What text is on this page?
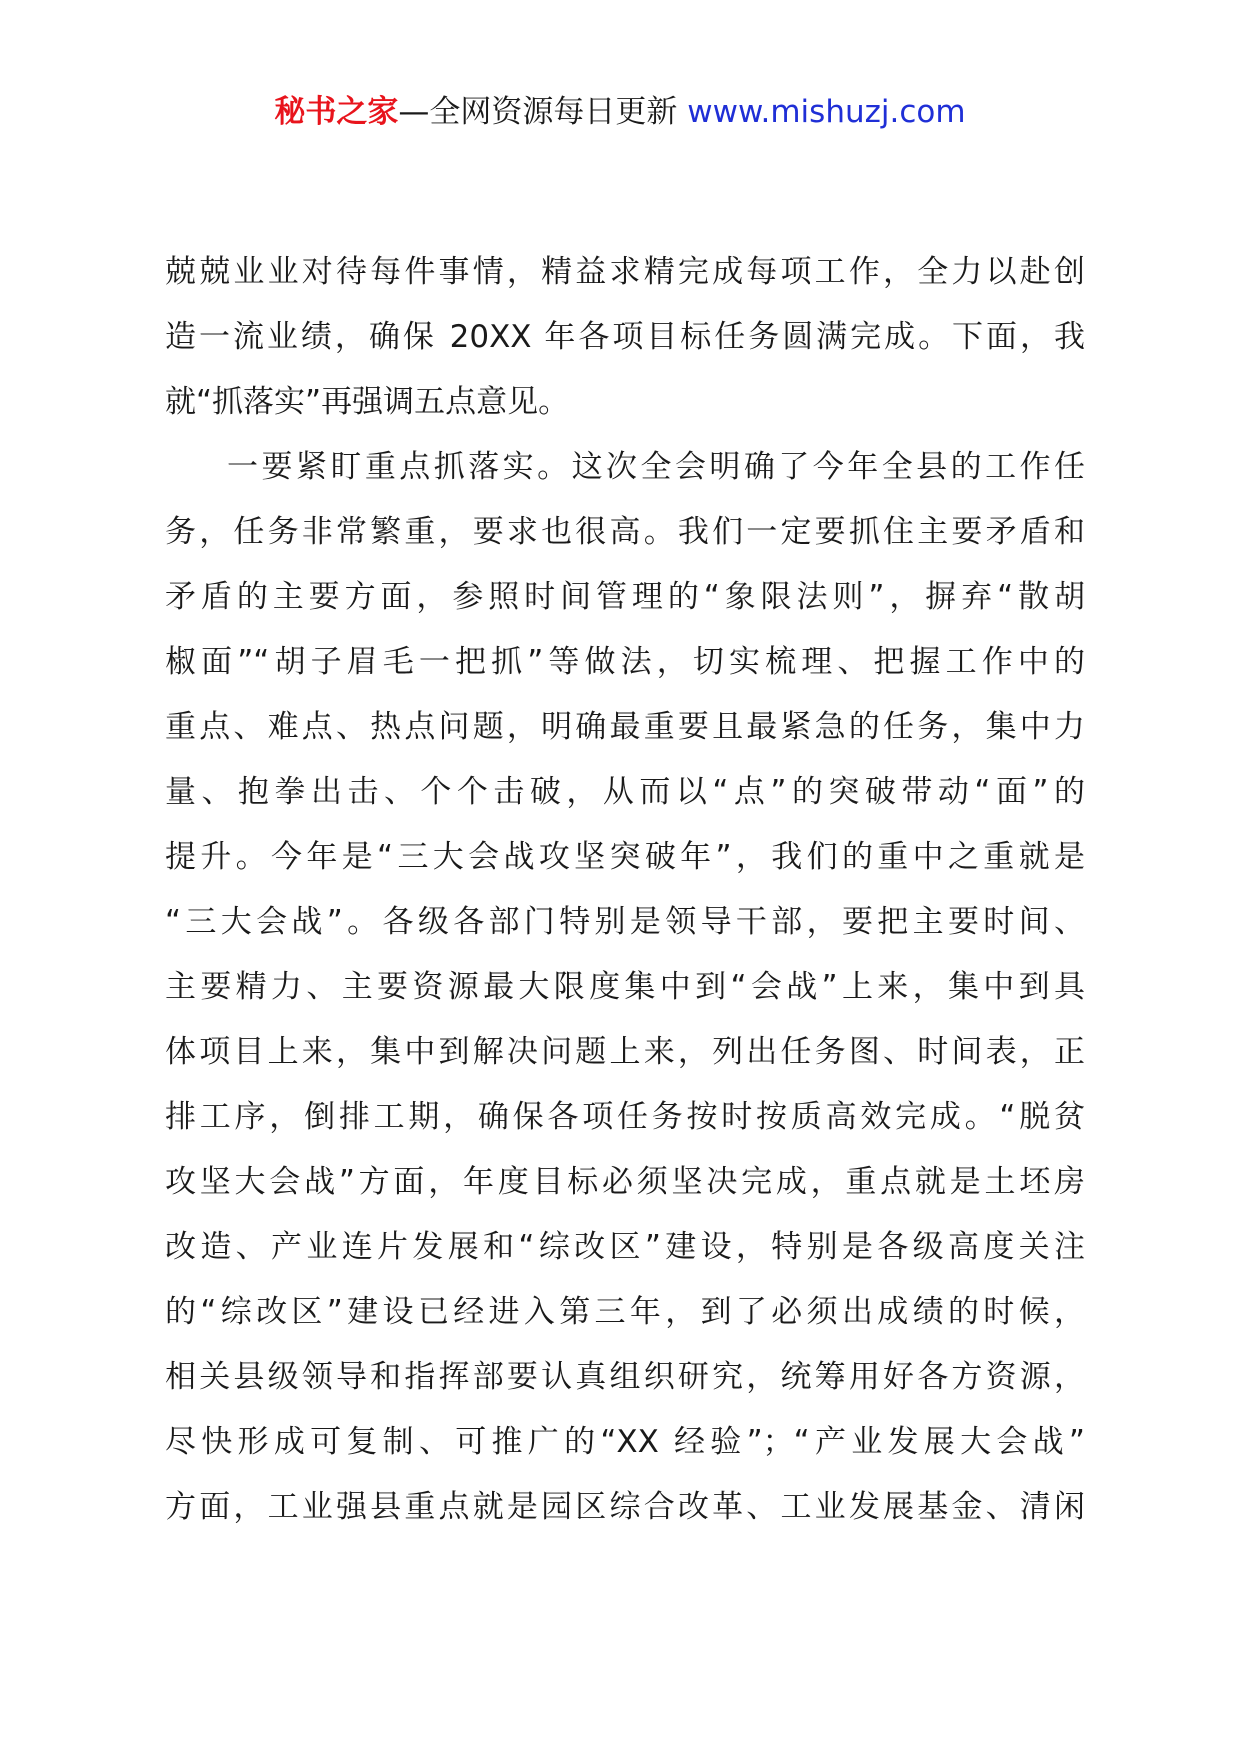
秘书之家—全网资源每日更新 www.mishuzj.com
兢兢业业对待每件事情，精益求精完成每项工作，全力以赴创
造一流业绩，确保 20XX 年各项目标任务圆满完成。下面，我
就“抓落实”再强调五点意见。
一要紧盯重点抓落实。这次全会明确了今年全县的工作任
务，任务非常繁重，要求也很高。我们一定要抓住主要矛盾和
矛盾的主要方面，参照时间管理的“象限法则”，摒弃“散胡
椒面”“胡子眉毛一把抓”等做法，切实梳理、把握工作中的
重点、难点、热点问题，明确最重要且最紧急的任务，集中力
量、抱拳出击、个个击破，从而以“点”的突破带动“面”的
提升。今年是“三大会战攻坚突破年”，我们的重中之重就是
“三大会战”。各级各部门特别是领导干部，要把主要时间、
主要精力、主要资源最大限度集中到“会战”上来，集中到具
体项目上来，集中到解决问题上来，列出任务图、时间表，正
排工序，倒排工期，确保各项任务按时按质高效完成。“脱贫
攻坚大会战”方面，年度目标必须坚决完成，重点就是土坯房
改造、产业连片发展和“综改区”建设，特别是各级高度关注
的“综改区”建设已经进入第三年，到了必须出成绩的时候，
相关县级领导和指挥部要认真组织研究，统筹用好各方资源，
尽快形成可复制、可推广的“XX 经验”；“产业发展大会战”
方面，工业强县重点就是园区综合改革、工业发展基金、清闲
